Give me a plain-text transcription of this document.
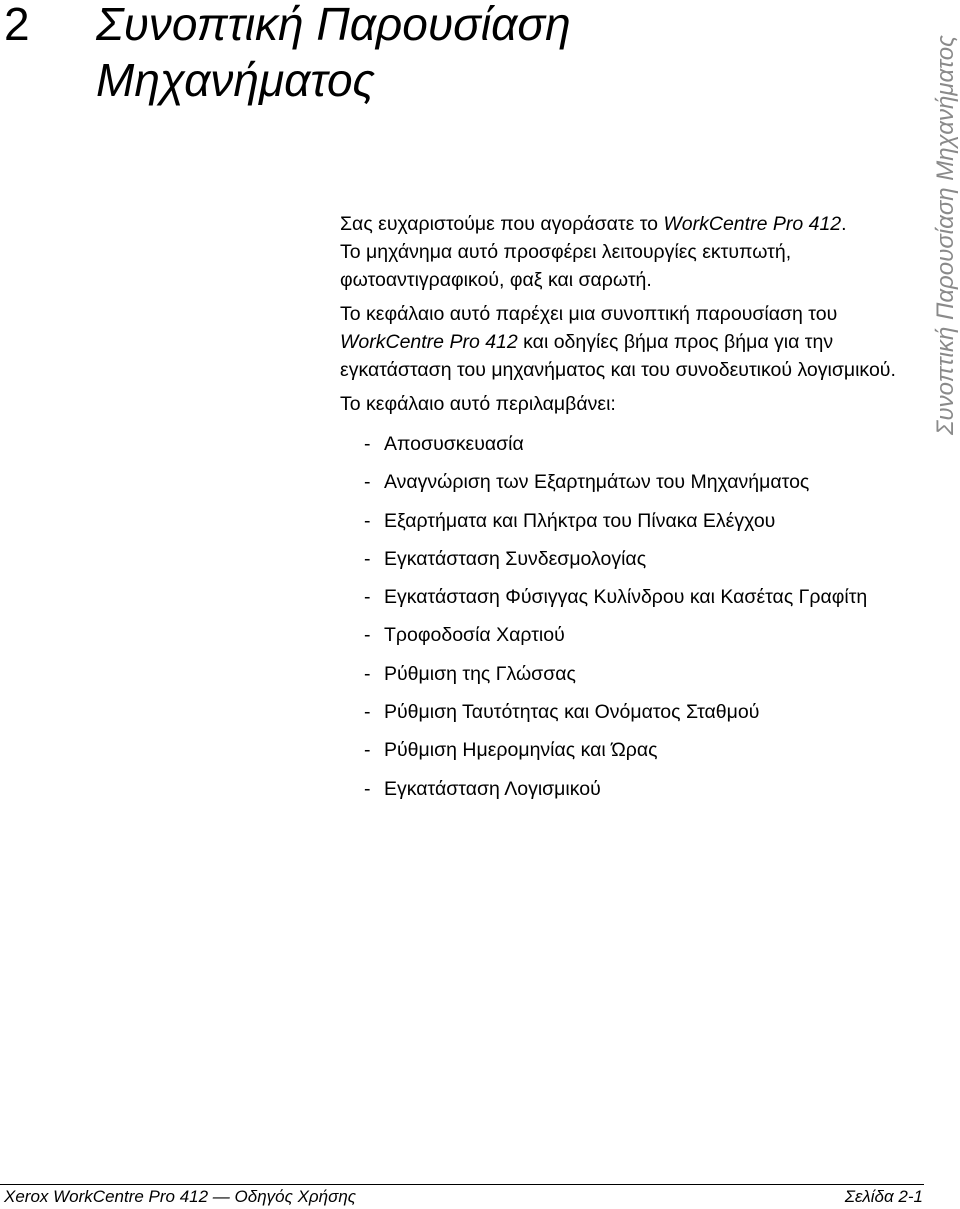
2 Συνοπτική Παρουσίαση
Μηχανήματος

Σας ευχαριστούμε που αγοράσατε το WorkCentre Pro 412.

Το μηχάνημα αυτό προσφέρει λειτουργίες εκτυπωτή, φωτοαντιγραφικού, φαξ και σαρωτή.

Το κεφάλαιο αυτό παρέχει μια συνοπτική παρουσίαση του WorkCentre Pro 412 και οδηγίες βήμα προς βήμα για την εγκατάσταση του μηχανήματος και του συνοδευτικού λογισμικού.

Το κεφάλαιο αυτό περιλαμβάνει:

- Αποσυσκευασία
- Αναγνώριση των Εξαρτημάτων του Μηχανήματος
- Εξαρτήματα και Πλήκτρα του Πίνακα Ελέγχου
- Εγκατάσταση Συνδεσμολογίας
- Εγκατάσταση Φύσιγγας Κυλίνδρου και Κασέτας Γραφίτη
- Τροφοδοσία Χαρτιού
- Ρύθμιση της Γλώσσας
- Ρύθμιση Ταυτότητας και Ονόματος Σταθμού
- Ρύθμιση Ημερομηνίας και Ώρας
- Εγκατάσταση Λογισμικού
Συνοπτική Παρουσίαση Μηχανήματος
Xerox WorkCentre Pro 412 — Οδηγός Χρήσης	Σελίδα 2-1
